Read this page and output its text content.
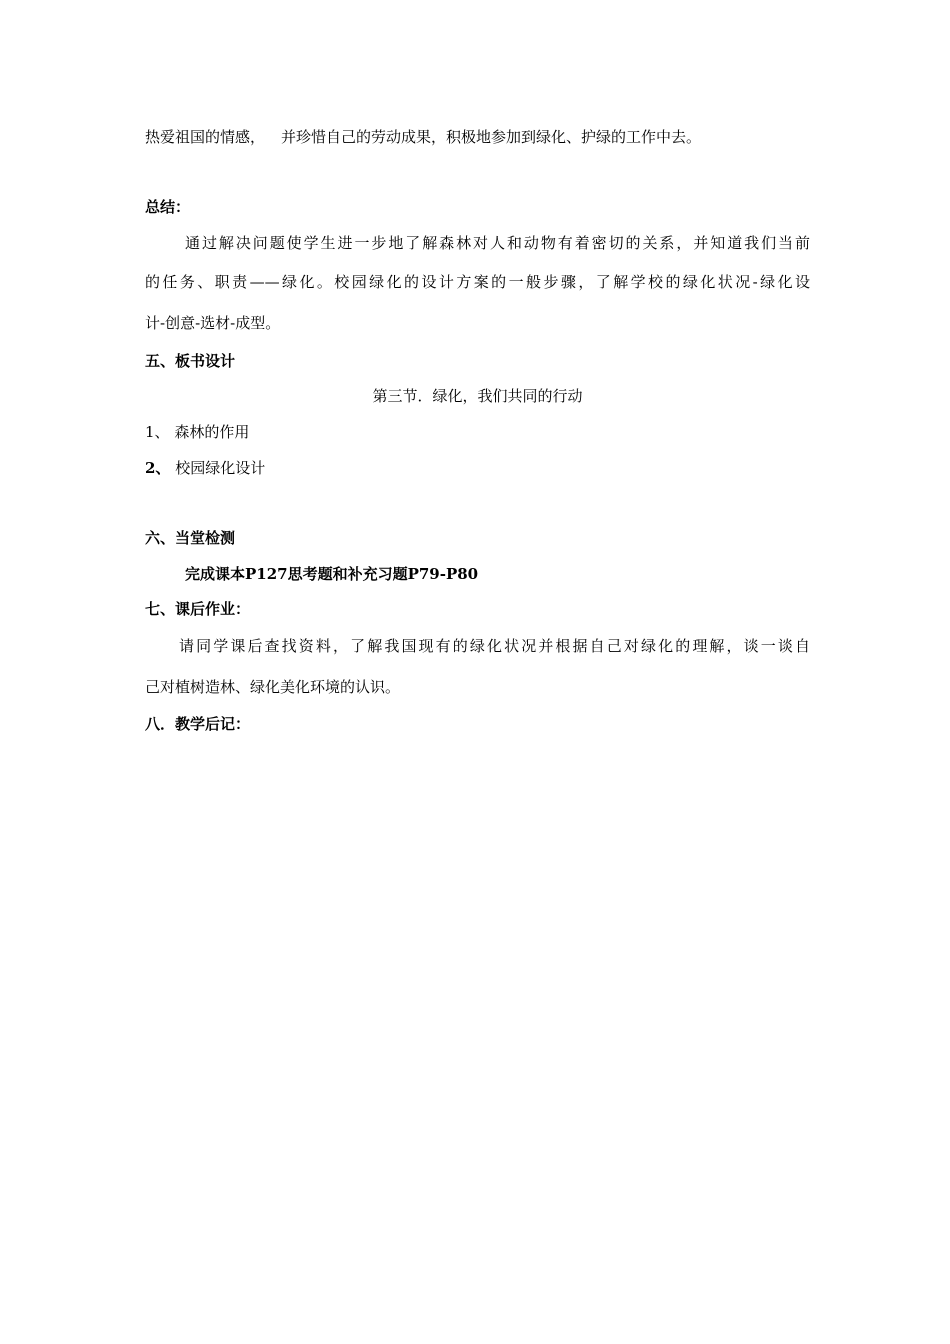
热爱祖国的情感， 并珍惜自己的劳动成果，积极地参加到绿化、护绿的工作中去。
总结：
通过解决问题使学生进一步地了解森林对人和动物有着密切的关系，并知道我们当前
的任务、职责——绿化。校园绿化的设计方案的一般步骤，了解学校的绿化状况-绿化设
计-创意-选材-成型。
五、板书设计
第三节．绿化，我们共同的行动
1、 森林的作用
2、 校园绿化设计
六、当堂检测
完成课本P127思考题和补充习题P79-P80
七、课后作业：
请同学课后查找资料，了解我国现有的绿化状况并根据自己对绿化的理解，谈一谈自
己对植树造林、绿化美化环境的认识。
八．教学后记：
